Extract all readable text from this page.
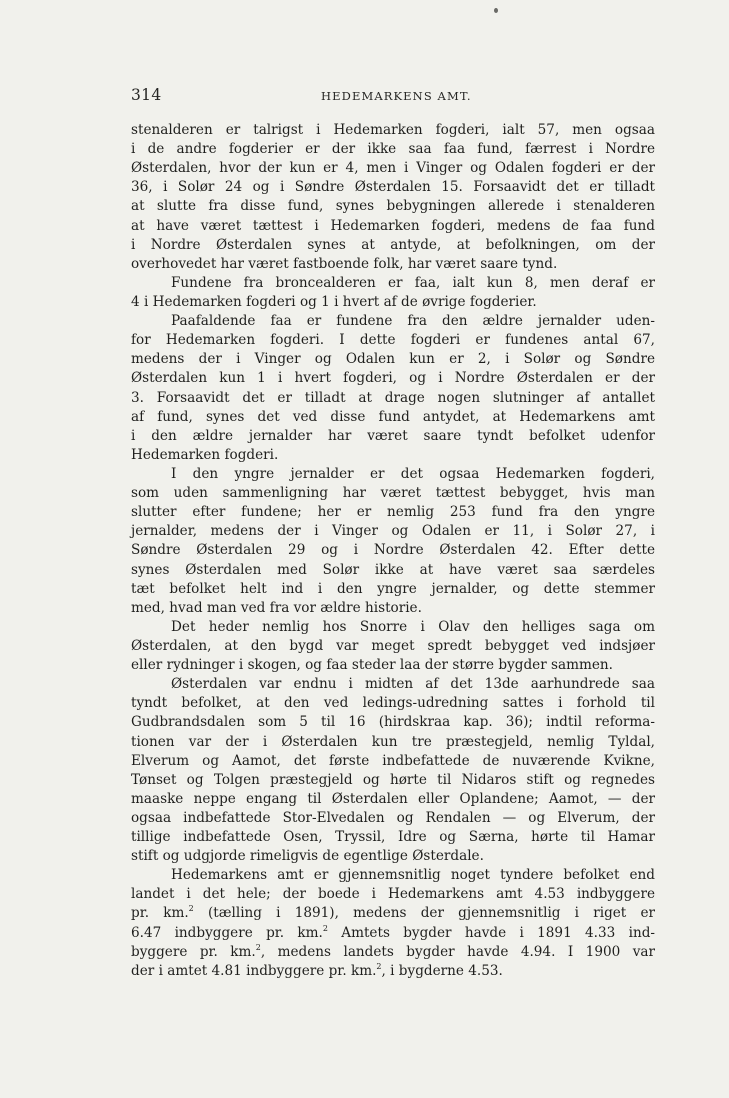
314	HEDEMARKENS AMT.
stenalderen er talrigst i Hedemarken fogderi, ialt 57, men ogsaa
i de andre fogderier er der ikke saa faa fund, færrest i Nordre
Østerdalen, hvor der kun er 4, men i Vinger og Odalen fogderi er der
36, i Solør 24 og i Søndre Østerdalen 15. Forsaavidt det er tilladt
at slutte fra disse fund, synes bebygningen allerede i stenalderen
at have været tættest i Hedemarken fogderi, medens de faa fund
i Nordre Østerdalen synes at antyde, at befolkningen, om der
overhovedet har været fastboende folk, har været saare tynd.
Fundene fra broncealderen er faa, ialt kun 8, men deraf er
4 i Hedemarken fogderi og 1 i hvert af de øvrige fogderier.
Paafaldende faa er fundene fra den ældre jernalder uden-
for Hedemarken fogderi. I dette fogderi er fundenes antal 67,
medens der i Vinger og Odalen kun er 2, i Solør og Søndre
Østerdalen kun 1 i hvert fogderi, og i Nordre Østerdalen er der
3. Forsaavidt det er tilladt at drage nogen slutninger af antallet
af fund, synes det ved disse fund antydet, at Hedemarkens amt
i den ældre jernalder har været saare tyndt befolket udenfor
Hedemarken fogderi.
I den yngre jernalder er det ogsaa Hedemarken fogderi,
som uden sammenligning har været tættest bebygget, hvis man
slutter efter fundene; her er nemlig 253 fund fra den yngre
jernalder, medens der i Vinger og Odalen er 11, i Solør 27, i
Søndre Østerdalen 29 og i Nordre Østerdalen 42. Efter dette
synes Østerdalen med Solør ikke at have været saa særdeles
tæt befolket helt ind i den yngre jernalder, og dette stemmer
med, hvad man ved fra vor ældre historie.
Det heder nemlig hos Snorre i Olav den helliges saga om
Østerdalen, at den bygd var meget spredt bebygget ved indsjøer
eller rydninger i skogen, og faa steder laa der større bygder sammen.
Østerdalen var endnu i midten af det 13de aarhundrede saa
tyndt befolket, at den ved ledings-udredning sattes i forhold til
Gudbrandsdalen som 5 til 16 (hirdskraa kap. 36); indtil reforma-
tionen var der i Østerdalen kun tre præstegjeld, nemlig Tyldal,
Elverum og Aamot, det første indbefattede de nuværende Kvikne,
Tønset og Tolgen præstegjeld og hørte til Nidaros stift og regnedes
maaske neppe engang til Østerdalen eller Oplandene; Aamot, — der
ogsaa indbefattede Stor-Elvedalen og Rendalen — og Elverum, der
tillige indbefattede Osen, Tryssil, Idre og Særna, hørte til Hamar
stift og udgjorde rimeligvis de egentlige Østerdale.
Hedemarkens amt er gjennemsnitlig noget tyndere befolket end
landet i det hele; der boede i Hedemarkens amt 4.53 indbyggere
pr. km.$^2$ (tælling i 1891), medens der gjennemsnitlig i riget er
6.47 indbyggere pr. km.$^2$ Amtets bygder havde i 1891 4.33 ind-
byggere pr. km.$^2$, medens landets bygder havde 4.94. I 1900 var
der i amtet 4.81 indbyggere pr. km.$^2$, i bygderne 4.53.
